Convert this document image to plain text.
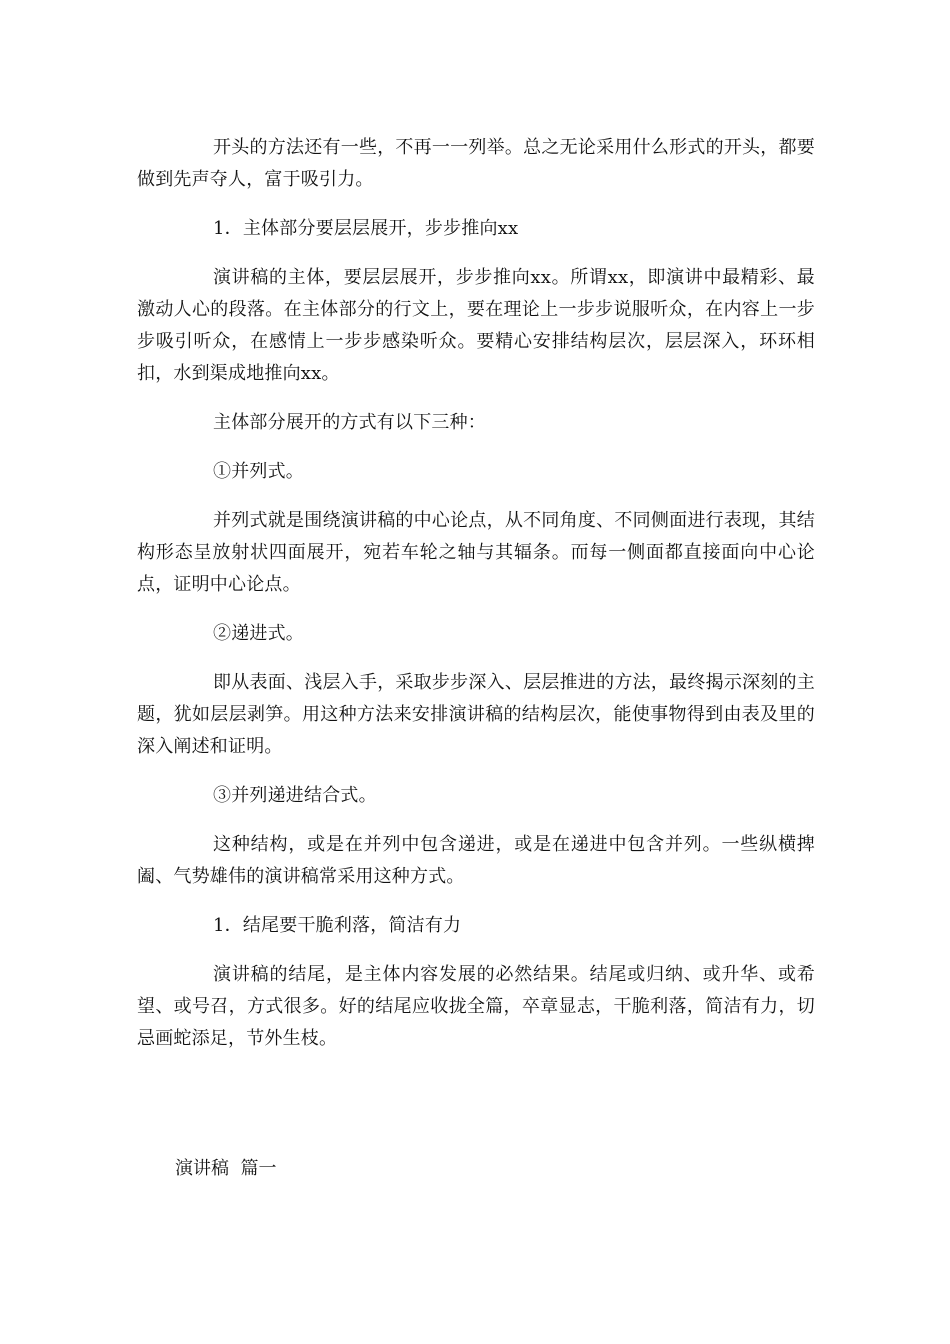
开头的方法还有一些，不再一一列举。总之无论采用什么形式的开头，都要做到先声夺人，富于吸引力。

1．主体部分要层层展开，步步推向xx

演讲稿的主体，要层层展开，步步推向xx。所谓xx，即演讲中最精彩、最激动人心的段落。在主体部分的行文上，要在理论上一步步说服听众，在内容上一步步吸引听众，在感情上一步步感染听众。要精心安排结构层次，层层深入，环环相扣，水到渠成地推向xx。

主体部分展开的方式有以下三种：

①并列式。

并列式就是围绕演讲稿的中心论点，从不同角度、不同侧面进行表现，其结构形态呈放射状四面展开，宛若车轮之轴与其辐条。而每一侧面都直接面向中心论点，证明中心论点。

②递进式。

即从表面、浅层入手，采取步步深入、层层推进的方法，最终揭示深刻的主题，犹如层层剥笋。用这种方法来安排演讲稿的结构层次，能使事物得到由表及里的深入阐述和证明。

③并列递进结合式。

这种结构，或是在并列中包含递进，或是在递进中包含并列。一些纵横捭阖、气势雄伟的演讲稿常采用这种方式。

1．结尾要干脆利落，简洁有力

演讲稿的结尾，是主体内容发展的必然结果。结尾或归纳、或升华、或希望、或号召，方式很多。好的结尾应收拢全篇，卒章显志，干脆利落，简洁有力，切忌画蛇添足，节外生枝。

演讲稿  篇一
